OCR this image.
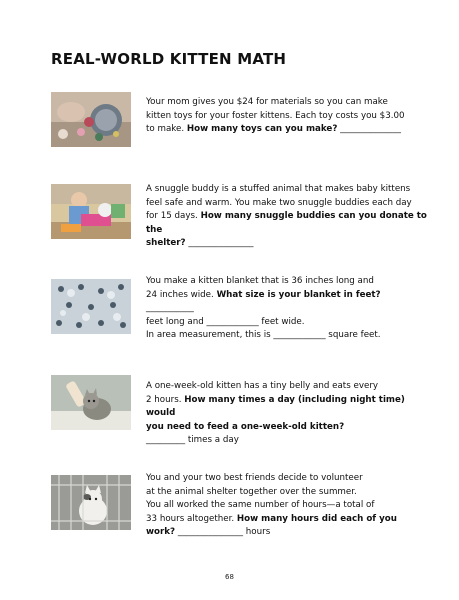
REAL-WORLD KITTEN MATH
Your mom gives you $24 for materials so you can make
kitten toys for your foster kittens. Each toy costs you $3.00
to make. How many toys can you make? ______________
A snuggle buddy is a stuffed animal that makes baby kittens
feel safe and warm. You make two snuggle buddies each day
for 15 days. How many snuggle buddies can you donate to the
shelter? _______________
You make a kitten blanket that is 36 inches long and
24 inches wide. What size is your blanket in feet? ___________
feet long and ____________ feet wide.
In area measurement, this is ____________ square feet.
A one-week-old kitten has a tiny belly and eats every
2 hours. How many times a day (including night time) would
you need to feed a one-week-old kitten?
_________ times a day
You and your two best friends decide to volunteer
at the animal shelter together over the summer.
You all worked the same number of hours—a total of
33 hours altogether. How many hours did each of you
work? _______________ hours
68
